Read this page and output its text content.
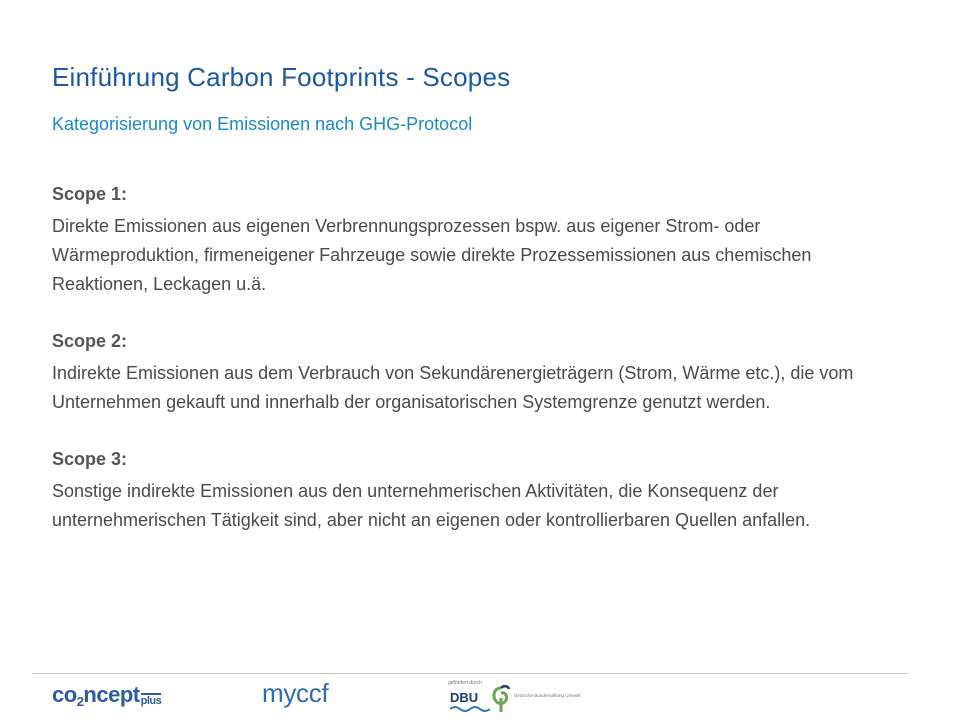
Einführung Carbon Footprints - Scopes
Kategorisierung von Emissionen nach GHG-Protocol

Scope 1:

Direkte Emissionen aus eigenen Verbrennungsprozessen bspw. aus eigener Strom- oder Wärmeproduktion, firmeneigener Fahrzeuge sowie direkte Prozessemissionen aus chemischen Reaktionen, Leckagen u.ä.

Scope 2:

Indirekte Emissionen aus dem Verbrauch von Sekundärenergieträgern (Strom, Wärme etc.), die vom Unternehmen gekauft und innerhalb der organisatorischen Systemgrenze genutzt werden.

Scope 3:

Sonstige indirekte Emissionen aus den unternehmerischen Aktivitäten, die Konsequenz der unternehmerischen Tätigkeit sind, aber nicht an eigenen oder kontrollierbaren Quellen anfallen.

co2nceptplus	myccf	gefördert durch
DBU	Deutsche Bundesstiftung Umwelt
